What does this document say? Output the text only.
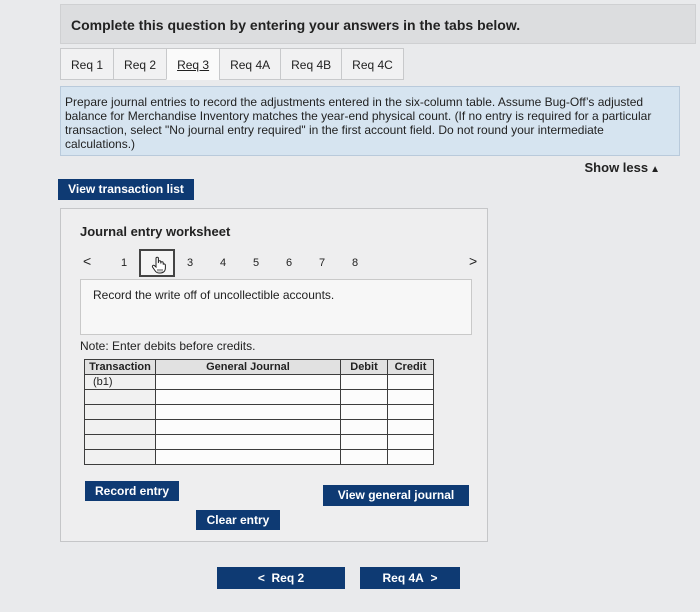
Complete this question by entering your answers in the tabs below.
Req 1	Req 2	Req 3	Req 4A	Req 4B	Req 4C
Prepare journal entries to record the adjustments entered in the six-column table. Assume Bug-Off’s adjusted balance for Merchandise Inventory matches the year-end physical count. (If no entry is required for a particular transaction, select "No journal entry required" in the first account field. Do not round your intermediate calculations.)
Show less ▲
View transaction list
Journal entry worksheet
<	1	3 4 5 6 7 8	>
Record the write off of uncollectible accounts.
Note: Enter debits before credits.
Transaction	General Journal	Debit	Credit
(b1)			

Record entry	View general journal
Clear entry
< Req 2	Req 4A >
